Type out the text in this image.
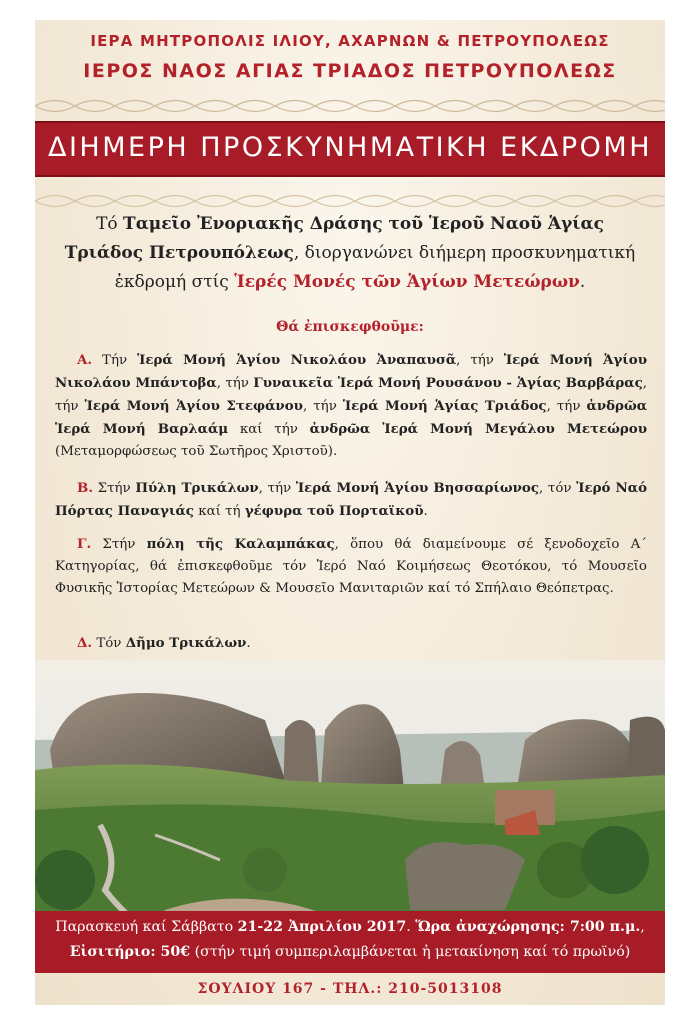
ΙΕΡΑ ΜΗΤΡΟΠΟΛΙΣ ΙΛΙΟΥ, ΑΧΑΡΝΩΝ & ΠΕΤΡΟΥΠΟΛΕΩΣ
ΙΕΡΟΣ ΝΑΟΣ ΑΓΙΑΣ ΤΡΙΑΔΟΣ ΠΕΤΡΟΥΠΟΛΕΩΣ
ΔΙΗΜΕΡΗ ΠΡΟΣΚΥΝΗΜΑΤΙΚΗ ΕΚΔΡΟΜΗ
Τό Ταμεῖο Ἐνοριακῆς Δράσης τοῦ Ἱεροῦ Ναοῦ Ἁγίας Τριάδος Πετρουπόλεως, διοργανώνει διήμερη προσκυνηματική ἐκδρομή στίς Ἱερές Μονές τῶν Ἁγίων Μετεώρων.
Θά ἐπισκεφθοῦμε:
Α. Τήν Ἱερά Μονή Ἁγίου Νικολάου Ἀναπαυσᾶ, τήν Ἱερά Μονή Ἁγίου Νικολάου Μπάντοβα, τήν Γυναικεῖα Ἱερά Μονή Ρουσάνου - Ἁγίας Βαρβάρας, τήν Ἱερά Μονή Ἁγίου Στεφάνου, τήν Ἱερά Μονή Ἁγίας Τριάδος, τήν ἀνδρῶα Ἱερά Μονή Βαρλαάμ καί τήν ἀνδρῶα Ἱερά Μονή Μεγάλου Μετεώρου (Μεταμορφώσεως τοῦ Σωτῆρος Χριστοῦ).
Β. Στήν Πύλη Τρικάλων, τήν Ἱερά Μονή Ἁγίου Βησσαρίωνος, τόν Ἱερό Ναό Πόρτας Παναγιάς καί τή γέφυρα τοῦ Πορταϊκοῦ.
Γ. Στήν πόλη τῆς Καλαμπάκας, ὅπου θά διαμείνουμε σέ ξενοδοχεῖο Α΄ Κατηγορίας, θά ἐπισκεφθοῦμε τόν Ἱερό Ναό Κοιμήσεως Θεοτόκου, τό Μουσεῖο Φυσικῆς Ἱστορίας Μετεώρων & Μουσεῖο Μανιταριῶν καί τό Σπήλαιο Θεόπετρας.
Δ. Τόν Δῆμο Τρικάλων.
Παρασκευή καί Σάββατο 21-22 Ἀπριλίου 2017. Ὥρα ἀναχώρησης: 7:00 π.μ.,
Εἰσιτήριο: 50€ (στήν τιμή συμπεριλαμβάνεται ἡ μετακίνηση καί τό πρωϊνό)
ΣΟΥΛΙΟΥ 167 - ΤΗΛ.: 210-5013108
